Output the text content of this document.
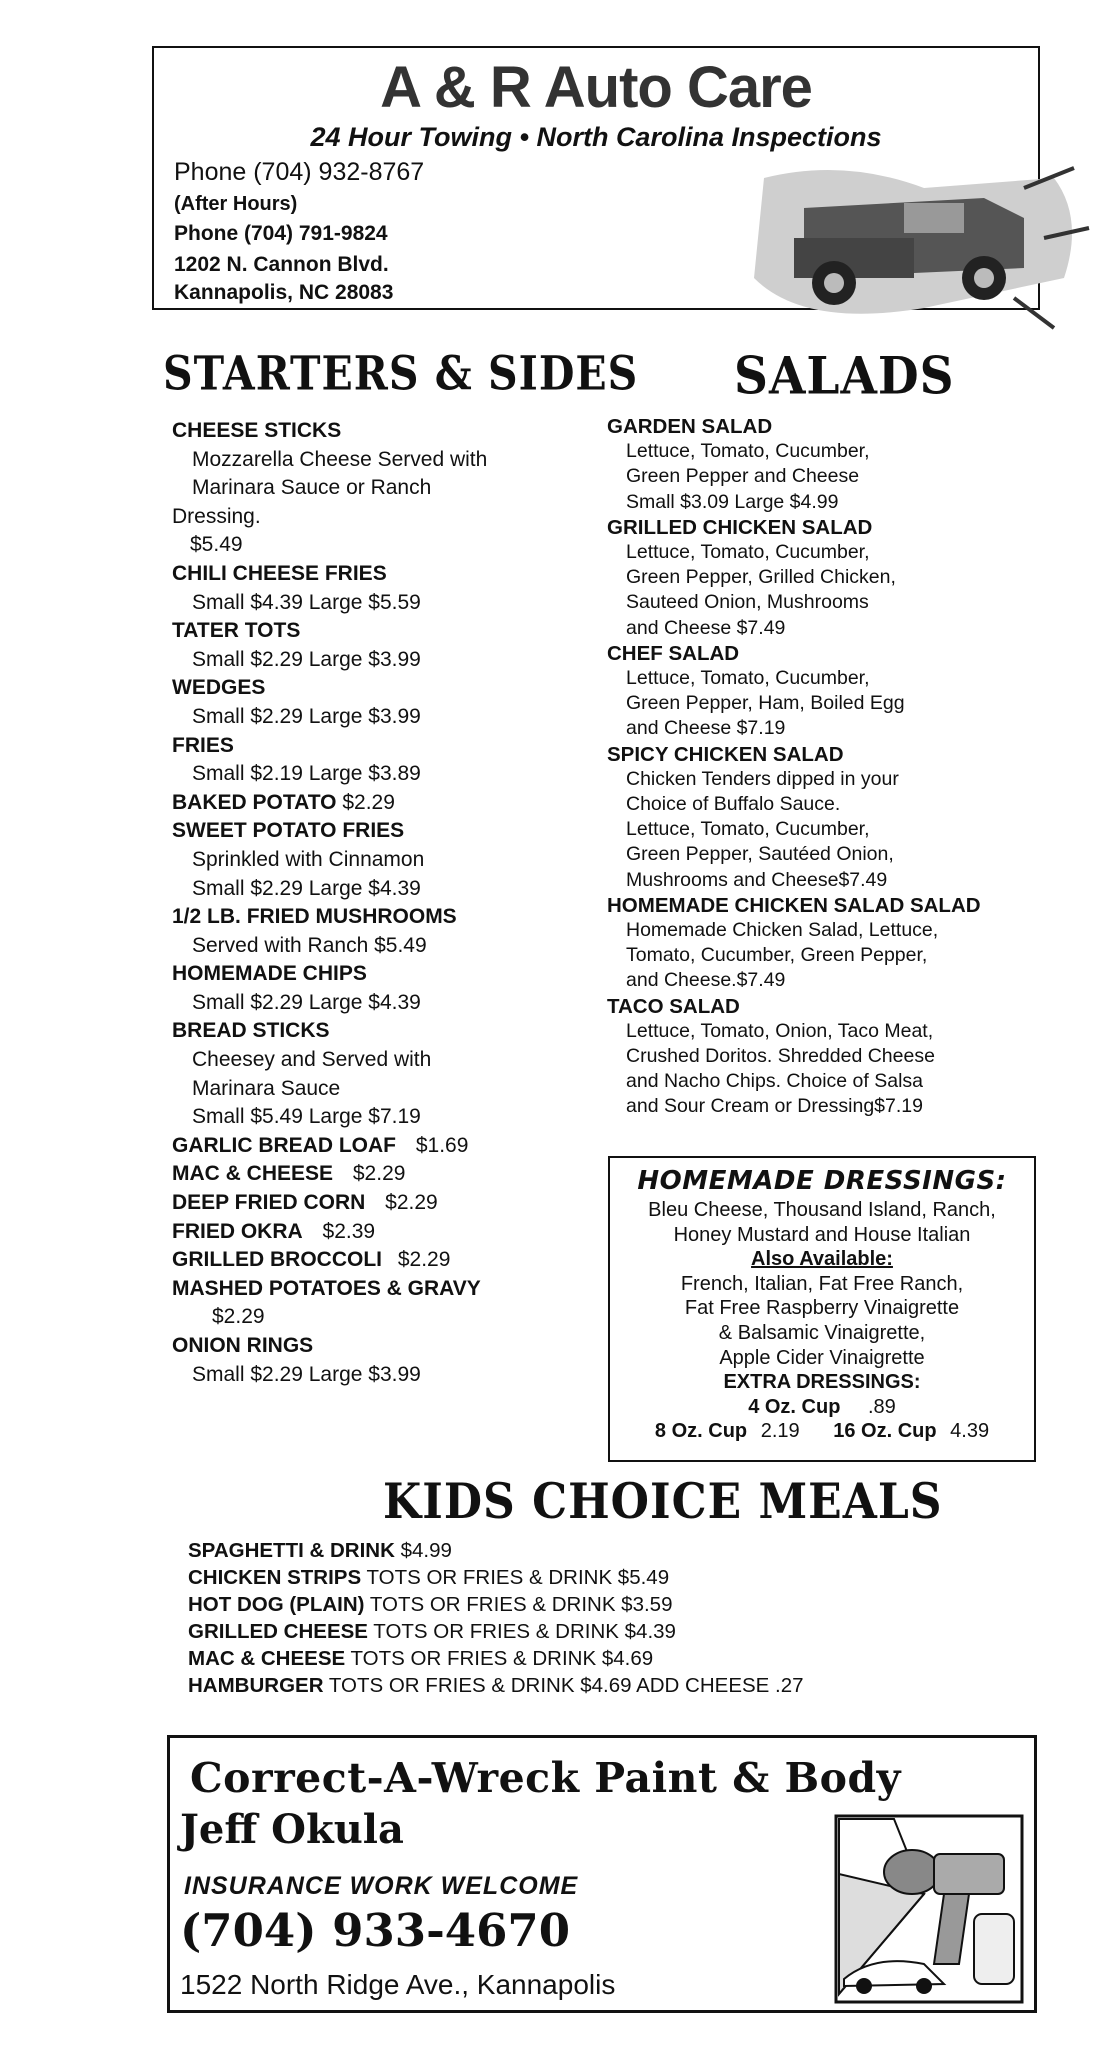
A & R Auto Care
24 Hour Towing • North Carolina Inspections
Phone (704) 932-8767
(After Hours)
Phone (704) 791-9824
1202 N. Cannon Blvd.
Kannapolis, NC 28083
STARTERS & SIDES SALADS
CHEESE STICKS
Mozzarella Cheese Served with
Marinara Sauce or Ranch
Dressing.
$5.49
CHILI CHEESE FRIES
Small $4.39 Large $5.59
TATER TOTS
Small $2.29 Large $3.99
WEDGES
Small $2.29 Large $3.99
FRIES
Small $2.19 Large $3.89
BAKED POTATO $2.29
SWEET POTATO FRIES
Sprinkled with Cinnamon
Small $2.29 Large $4.39
1/2 LB. FRIED MUSHROOMS
Served with Ranch $5.49
HOMEMADE CHIPS
Small $2.29 Large $4.39
BREAD STICKS
Cheesey and Served with
Marinara Sauce
Small $5.49 Large $7.19
GARLIC BREAD LOAF $1.69
MAC & CHEESE $2.29
DEEP FRIED CORN $2.29
FRIED OKRA $2.39
GRILLED BROCCOLI $2.29
MASHED POTATOES & GRAVY
$2.29
ONION RINGS
Small $2.29 Large $3.99
GARDEN SALAD
Lettuce, Tomato, Cucumber,
Green Pepper and Cheese
Small $3.09 Large $4.99
GRILLED CHICKEN SALAD
Lettuce, Tomato, Cucumber,
Green Pepper, Grilled Chicken,
Sauteed Onion, Mushrooms
and Cheese $7.49
CHEF SALAD
Lettuce, Tomato, Cucumber,
Green Pepper, Ham, Boiled Egg
and Cheese $7.19
SPICY CHICKEN SALAD
Chicken Tenders dipped in your
Choice of Buffalo Sauce.
Lettuce, Tomato, Cucumber,
Green Pepper, Sautéed Onion,
Mushrooms and Cheese$7.49
HOMEMADE CHICKEN SALAD SALAD
Homemade Chicken Salad, Lettuce,
Tomato, Cucumber, Green Pepper,
and Cheese.$7.49
TACO SALAD
Lettuce, Tomato, Onion, Taco Meat,
Crushed Doritos. Shredded Cheese
and Nacho Chips. Choice of Salsa
and Sour Cream or Dressing$7.19
HOMEMADE DRESSINGS:
Bleu Cheese, Thousand Island, Ranch,
Honey Mustard and House Italian
Also Available:
French, Italian, Fat Free Ranch,
Fat Free Raspberry Vinaigrette
& Balsamic Vinaigrette,
Apple Cider Vinaigrette
EXTRA DRESSINGS:
4 Oz. Cup .89
8 Oz. Cup 2.19 16 Oz. Cup 4.39
KIDS CHOICE MEALS
SPAGHETTI & DRINK $4.99
CHICKEN STRIPS TOTS OR FRIES & DRINK $5.49
HOT DOG (PLAIN) TOTS OR FRIES & DRINK $3.59
GRILLED CHEESE TOTS OR FRIES & DRINK $4.39
MAC & CHEESE TOTS OR FRIES & DRINK $4.69
HAMBURGER TOTS OR FRIES & DRINK $4.69 ADD CHEESE .27
Correct-A-Wreck Paint & Body
Jeff Okula
INSURANCE WORK WELCOME
(704) 933-4670
1522 North Ridge Ave., Kannapolis
